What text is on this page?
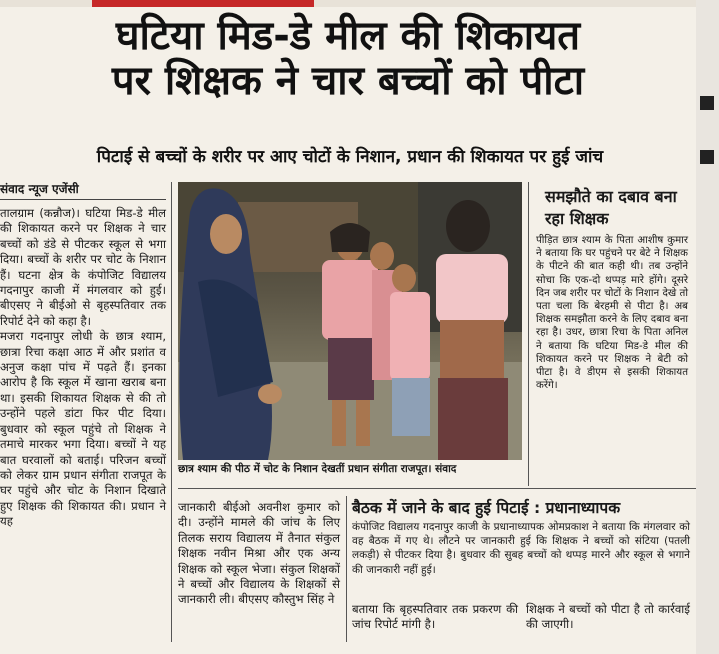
घटिया मिड-डे मील की शिकायत
पर शिक्षक ने चार बच्चों को पीटा
पिटाई से बच्चों के शरीर पर आए चोटों के निशान, प्रधान की शिकायत पर हुई जांच
संवाद न्यूज एजेंसी

तालग्राम (कन्नौज)। घटिया मिड-डे मील की शिकायत करने पर शिक्षक ने चार बच्चों को डंडे से पीटकर स्कूल से भगा दिया। बच्चों के शरीर पर चोट के निशान हैं। घटना क्षेत्र के कंपोजिट विद्यालय गदनापुर काजी में मंगलवार को हुई। बीएसए ने बीईओ से बृहस्पतिवार तक रिपोर्ट देने को कहा है।

मजरा गदनापुर लोधी के छात्र श्याम, छात्रा रिचा कक्षा आठ में और प्रशांत व अनुज कक्षा पांच में पढ़ते हैं। इनका आरोप है कि स्कूल में खाना खराब बना था। इसकी शिकायत शिक्षक से की तो उन्होंने पहले डांटा फिर पीट दिया। बुधवार को स्कूल पहुंचे तो शिक्षक ने तमाचे मारकर भगा दिया। बच्चों ने यह बात घरवालों को बताई। परिजन बच्चों को लेकर ग्राम प्रधान संगीता राजपूत के घर पहुंचे और चोट के निशान दिखाते हुए शिक्षक की शिकायत की। प्रधान ने यह

छात्र श्याम की पीठ में चोट के निशान देखतीं प्रधान संगीता राजपूत। संवाद
समझौते का दबाव बना रहा शिक्षक
पीड़ित छात्र श्याम के पिता आशीष कुमार ने बताया कि घर पहुंचने पर बेटे ने शिक्षक के पीटने की बात कही थी। तब उन्होंने सोचा कि एक-दो थप्पड़ मारे होंगे। दूसरे दिन जब शरीर पर चोटों के निशान देखे तो पता चला कि बेरहमी से पीटा है। अब शिक्षक समझौता करने के लिए दबाव बना रहा है। उधर, छात्रा रिचा के पिता अनिल ने बताया कि घटिया मिड-डे मील की शिकायत करने पर शिक्षक ने बेटी को पीटा है। वे डीएम से इसकी शिकायत करेंगे।
जानकारी बीईओ अवनीश कुमार को दी। उन्होंने मामले की जांच के लिए तिलक सराय विद्यालय में तैनात संकुल शिक्षक नवीन मिश्रा और एक अन्य शिक्षक को स्कूल भेजा। संकुल शिक्षकों ने बच्चों और विद्यालय के शिक्षकों से जानकारी ली। बीएसए कौस्तुभ सिंह ने
बैठक में जाने के बाद हुई पिटाई : प्रधानाध्यापक
कंपोजिट विद्यालय गदनापुर काजी के प्रधानाध्यापक ओमप्रकाश ने बताया कि मंगलवार को वह बैठक में गए थे। लौटने पर जानकारी हुई कि शिक्षक ने बच्चों को संटिया (पतली लकड़ी) से पीटकर दिया है। बुधवार की सुबह बच्चों को थप्पड़ मारने और स्कूल से भगाने की जानकारी नहीं हुई।
बताया कि बृहस्पतिवार तक प्रकरण की जांच रिपोर्ट मांगी है।
शिक्षक ने बच्चों को पीटा है तो कार्रवाई की जाएगी।
